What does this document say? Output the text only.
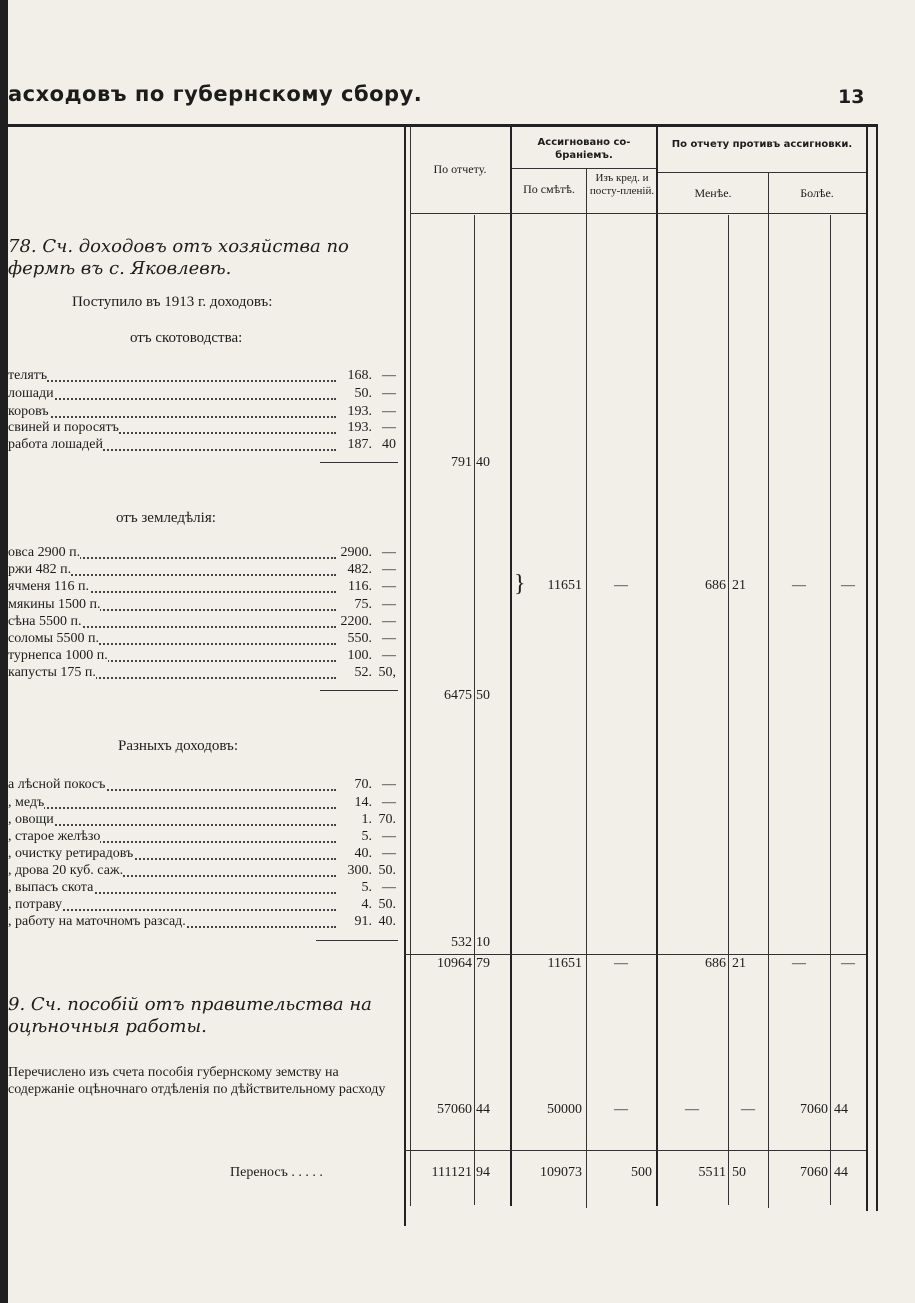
асходовъ по губернскому сбору.	13
По отчету.
Ассигновано со-браніемъ.
По смѣтѣ.
Изъ кред. и посту-пленій.
По отчету противъ ассигновки.
Менѣе.	Болѣе.
78. Сч. доходовъ отъ хозяйства по фермѣ въ с. Яковлевѣ.
Поступило въ 1913 г. доходовъ:
отъ скотоводства:
телятъ	168. —
лошади	50. —
коровъ	193. —
свиней и поросятъ	193. —
работа лошадей	187. 40
791 40
отъ земледѣлія:
овса 2900 п.	2900. —
ржи 482 п.	482. —
ячменя 116 п.	116. —
мякины 1500 п.	75. —
сѣна 5500 п.	2200. —
соломы 5500 п.	550. —
турнепса 1000 п.	100. —
капусты 175 п.	52. 50,
6475 50
Разныхъ доходовъ:
а лѣсной покосъ	70. —
, медъ	14. —
, овощи	1. 70.
, старое желѣзо	5. —
, очистку ретирадовъ	40. —
, дрова 20 куб. саж.	300. 50.
, выпасъ скота	5. —
, потраву	4. 50.
, работу на маточномъ разсад.	91. 40.
532 10
}	11651	—	686 21	—	—
10964 79	11651	—	686 21	—	—
9. Сч. пособій отъ правительства на оцѣночныя работы.
Перечислено изъ счета пособія губернскому земству на содержаніе оцѣночнаго отдѣленія по дѣйствительному расходу
57060 44	50000	—	—	—	7060 44
Переносъ . . . . .	111121 94	109073	500	5511 50	7060 44
